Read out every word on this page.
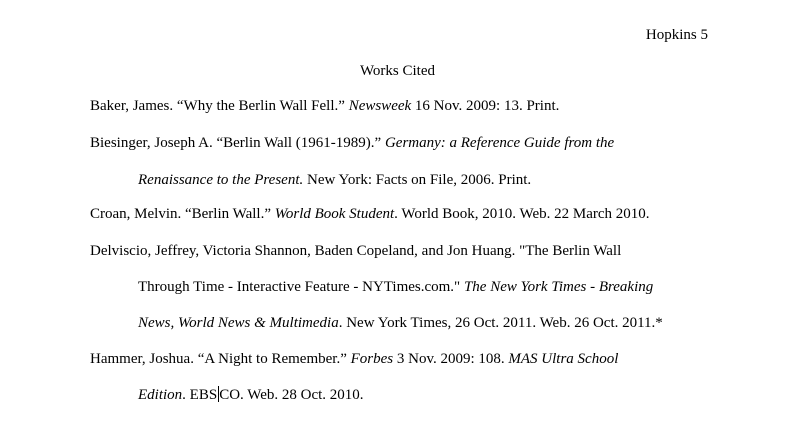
Hopkins 5
Works Cited
Baker, James. “Why the Berlin Wall Fell.” Newsweek 16 Nov. 2009: 13. Print.
Biesinger, Joseph A. “Berlin Wall (1961-1989).” Germany: a Reference Guide from the
Renaissance to the Present. New York: Facts on File, 2006. Print.
Croan, Melvin. “Berlin Wall.” World Book Student. World Book, 2010. Web. 22 March 2010.
Delviscio, Jeffrey, Victoria Shannon, Baden Copeland, and Jon Huang. "The Berlin Wall
Through Time - Interactive Feature - NYTimes.com." The New York Times - Breaking
News, World News & Multimedia. New York Times, 26 Oct. 2011. Web. 26 Oct. 2011.*
Hammer, Joshua. “A Night to Remember.” Forbes 3 Nov. 2009: 108. MAS Ultra School
Edition. EBS CO. Web. 28 Oct. 2010.
